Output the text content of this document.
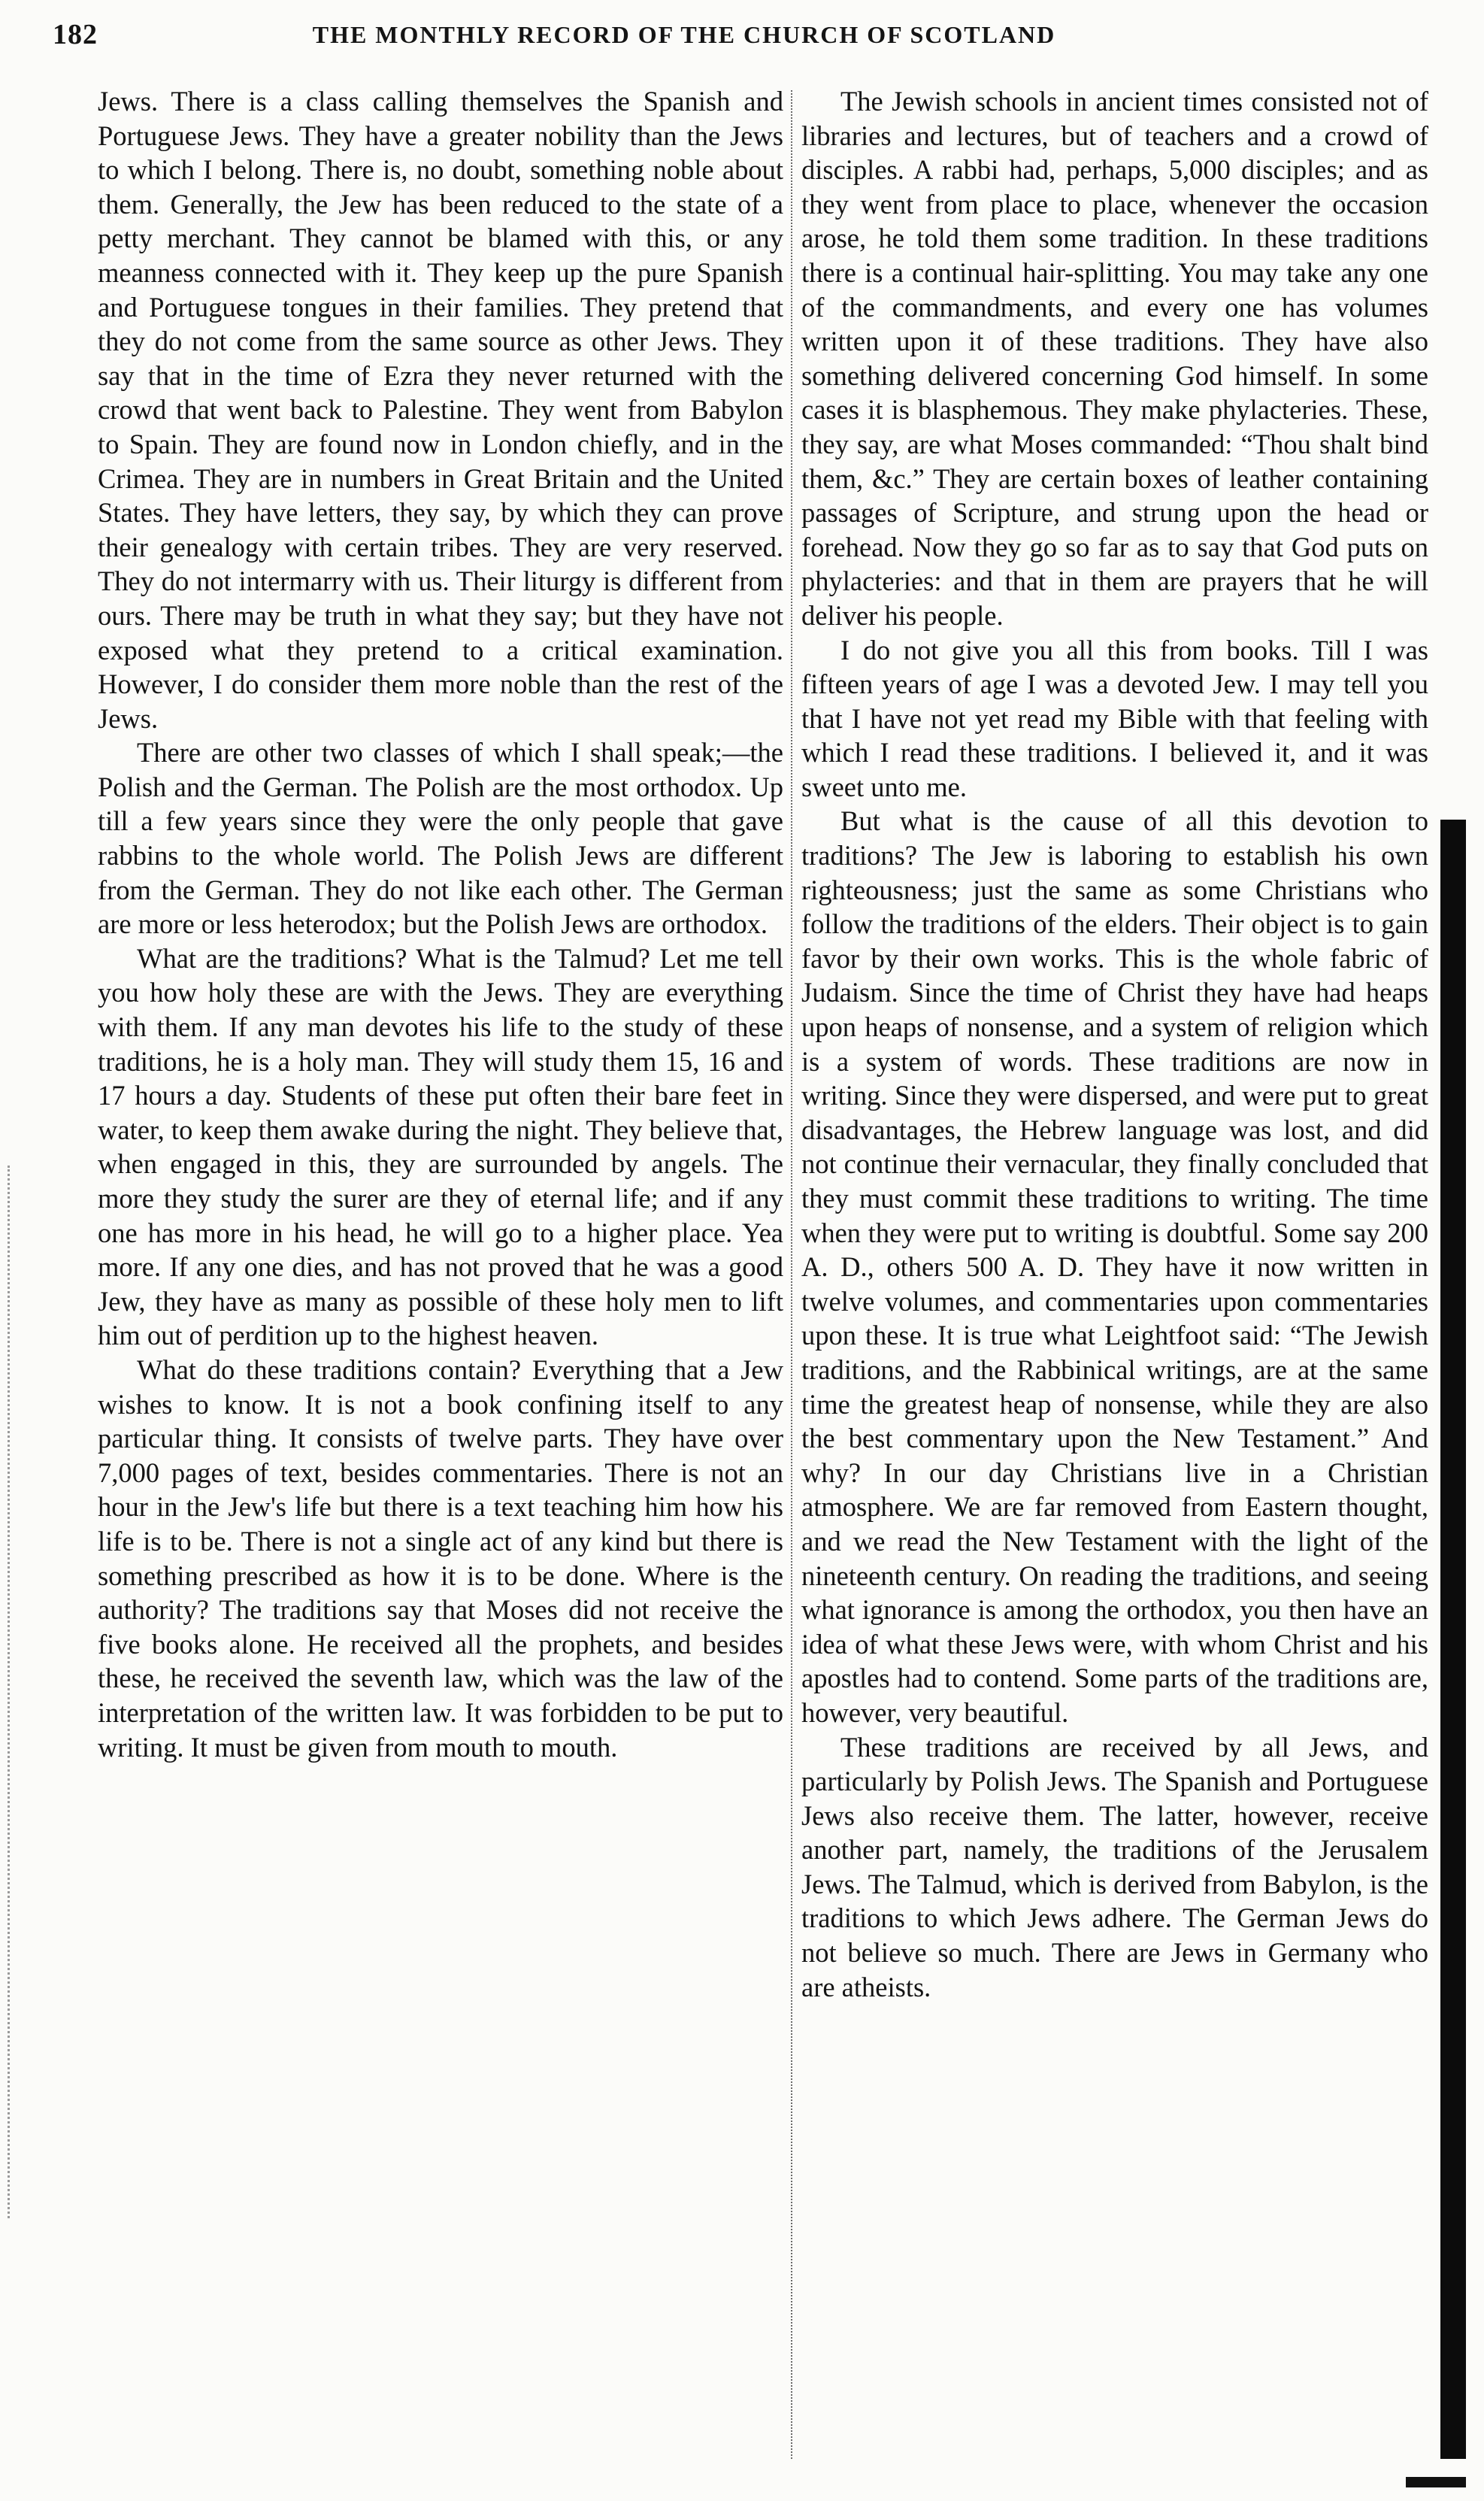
182	THE MONTHLY RECORD OF THE CHURCH OF SCOTLAND

Jews. There is a class calling themselves the Spanish and Portuguese Jews. They have a greater nobility than the Jews to which I belong. There is, no doubt, something noble about them. Generally, the Jew has been reduced to the state of a petty merchant. They cannot be blamed with this, or any meanness connected with it. They keep up the pure Spanish and Portuguese tongues in their families. They pretend that they do not come from the same source as other Jews. They say that in the time of Ezra they never returned with the crowd that went back to Palestine. They went from Babylon to Spain. They are found now in London chiefly, and in the Crimea. They are in numbers in Great Britain and the United States. They have letters, they say, by which they can prove their genealogy with certain tribes. They are very reserved. They do not intermarry with us. Their liturgy is different from ours. There may be truth in what they say; but they have not exposed what they pretend to a critical examination. However, I do consider them more noble than the rest of the Jews.

There are other two classes of which I shall speak;—the Polish and the German. The Polish are the most orthodox. Up till a few years since they were the only people that gave rabbins to the whole world. The Polish Jews are different from the German. They do not like each other. The German are more or less heterodox; but the Polish Jews are orthodox.

What are the traditions? What is the Talmud? Let me tell you how holy these are with the Jews. They are everything with them. If any man devotes his life to the study of these traditions, he is a holy man. They will study them 15, 16 and 17 hours a day. Students of these put often their bare feet in water, to keep them awake during the night. They believe that, when engaged in this, they are surrounded by angels. The more they study the surer are they of eternal life; and if any one has more in his head, he will go to a higher place. Yea more. If any one dies, and has not proved that he was a good Jew, they have as many as possible of these holy men to lift him out of perdition up to the highest heaven.

What do these traditions contain? Everything that a Jew wishes to know. It is not a book confining itself to any particular thing. It consists of twelve parts. They have over 7,000 pages of text, besides commentaries. There is not an hour in the Jew's life but there is a text teaching him how his life is to be. There is not a single act of any kind but there is something prescribed as how it is to be done. Where is the authority? The traditions say that Moses did not receive the five books alone. He received all the prophets, and besides these, he received the seventh law, which was the law of the interpretation of the written law. It was forbidden to be put to writing. It must be given from mouth to mouth.

The Jewish schools in ancient times consisted not of libraries and lectures, but of teachers and a crowd of disciples. A rabbi had, perhaps, 5,000 disciples; and as they went from place to place, whenever the occasion arose, he told them some tradition. In these traditions there is a continual hair-splitting. You may take any one of the commandments, and every one has volumes written upon it of these traditions. They have also something delivered concerning God himself. In some cases it is blasphemous. They make phylacteries. These, they say, are what Moses commanded: “Thou shalt bind them, &c.” They are certain boxes of leather containing passages of Scripture, and strung upon the head or forehead. Now they go so far as to say that God puts on phylacteries: and that in them are prayers that he will deliver his people.

I do not give you all this from books. Till I was fifteen years of age I was a devoted Jew. I may tell you that I have not yet read my Bible with that feeling with which I read these traditions. I believed it, and it was sweet unto me.

But what is the cause of all this devotion to traditions? The Jew is laboring to establish his own righteousness; just the same as some Christians who follow the traditions of the elders. Their object is to gain favor by their own works. This is the whole fabric of Judaism. Since the time of Christ they have had heaps upon heaps of nonsense, and a system of religion which is a system of words. These traditions are now in writing. Since they were dispersed, and were put to great disadvantages, the Hebrew language was lost, and did not continue their vernacular, they finally concluded that they must commit these traditions to writing. The time when they were put to writing is doubtful. Some say 200 A. D., others 500 A. D. They have it now written in twelve volumes, and commentaries upon commentaries upon these. It is true what Leightfoot said: “The Jewish traditions, and the Rabbinical writings, are at the same time the greatest heap of nonsense, while they are also the best commentary upon the New Testament.” And why? In our day Christians live in a Christian atmosphere. We are far removed from Eastern thought, and we read the New Testament with the light of the nineteenth century. On reading the traditions, and seeing what ignorance is among the orthodox, you then have an idea of what these Jews were, with whom Christ and his apostles had to contend. Some parts of the traditions are, however, very beautiful.

These traditions are received by all Jews, and particularly by Polish Jews. The Spanish and Portuguese Jews also receive them. The latter, however, receive another part, namely, the traditions of the Jerusalem Jews. The Talmud, which is derived from Babylon, is the traditions to which Jews adhere. The German Jews do not believe so much. There are Jews in Germany who are atheists.
